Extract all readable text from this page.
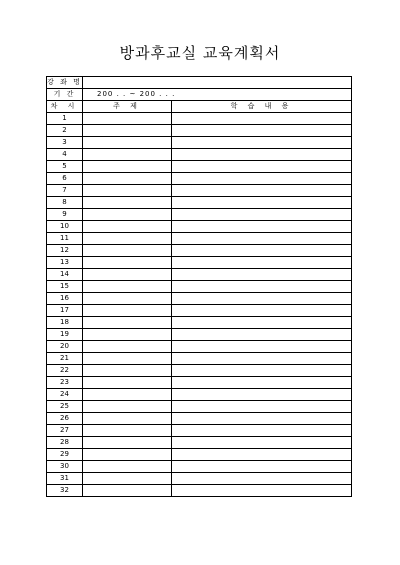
방과후교실 교육계획서
강 좌 명		
기 간	200 . . ~ 200 . . .	
차 시	주 제	학 습 내 용
1		
2		
3		
4		
5		
6		
7		
8		
9		
10		
11		
12		
13		
14		
15		
16		
17		
18		
19		
20		
21		
22		
23		
24		
25		
26		
27		
28		
29		
30		
31		
32		
